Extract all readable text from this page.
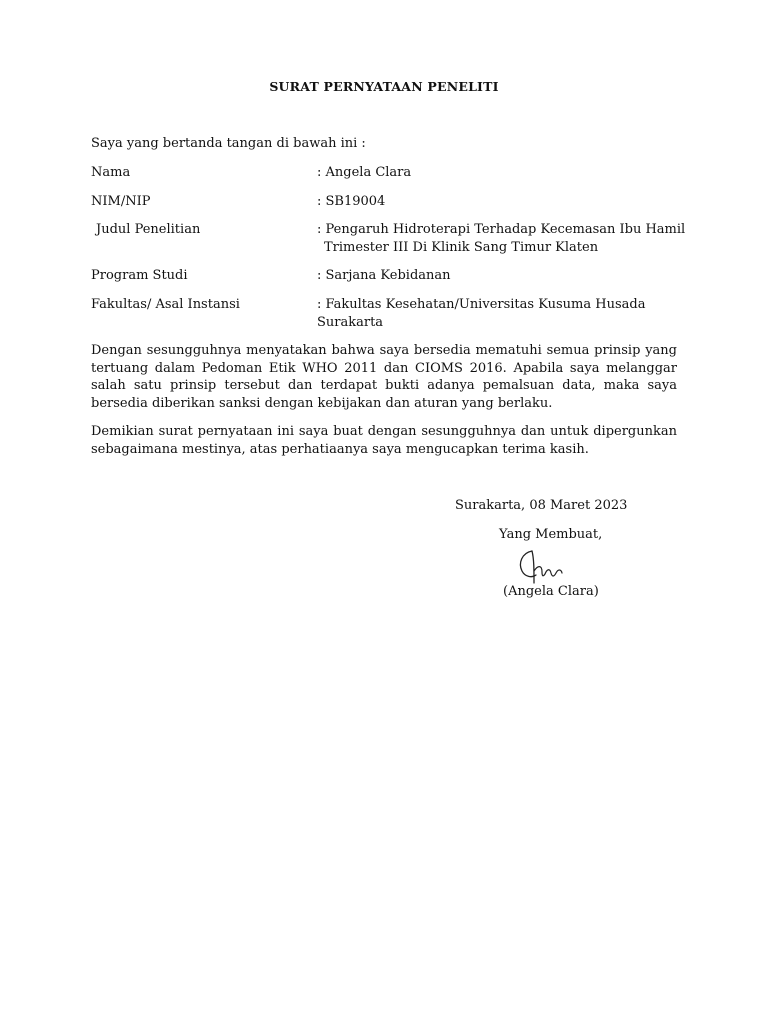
SURAT PERNYATAAN PENELITI
Saya yang bertanda tangan di bawah ini :
Nama	: Angela Clara
NIM/NIP	: SB19004
Judul Penelitian	: Pengaruh Hidroterapi Terhadap Kecemasan Ibu Hamil
Trimester III Di Klinik Sang Timur Klaten
Program Studi	: Sarjana Kebidanan
Fakultas/ Asal Instansi	: Fakultas Kesehatan/Universitas Kusuma Husada
Surakarta
Dengan sesungguhnya menyatakan bahwa saya bersedia mematuhi semua prinsip yang tertuang dalam Pedoman Etik WHO 2011 dan CIOMS 2016. Apabila saya melanggar salah satu prinsip tersebut dan terdapat bukti adanya pemalsuan data, maka saya bersedia diberikan sanksi dengan kebijakan dan aturan yang berlaku.
Demikian surat pernyataan ini saya buat dengan sesungguhnya dan untuk dipergunkan sebagaimana mestinya, atas perhatiaanya saya mengucapkan terima kasih.
Surakarta, 08 Maret 2023
Yang Membuat,
(Angela Clara)
